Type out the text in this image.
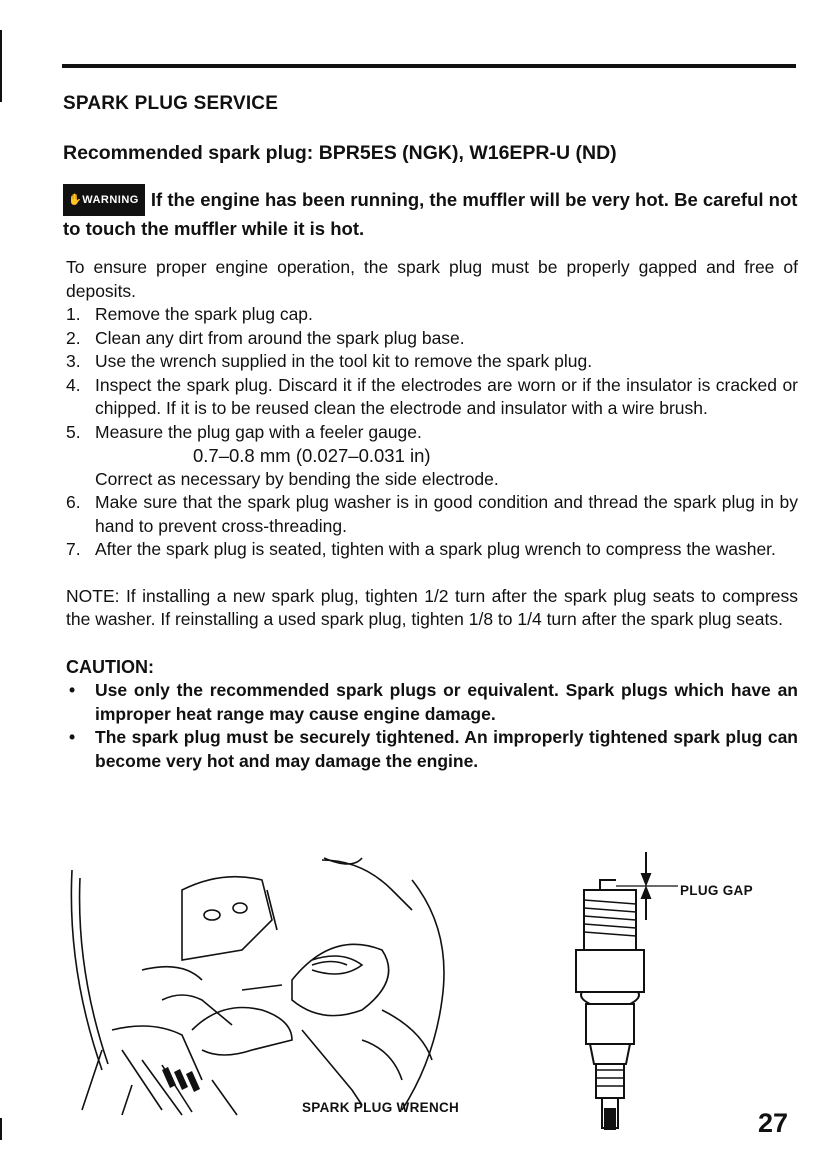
SPARK PLUG SERVICE
Recommended spark plug: BPR5ES (NGK), W16EPR-U (ND)
✋WARNING If the engine has been running, the muffler will be very hot. Be careful not to touch the muffler while it is hot.

To ensure proper engine operation, the spark plug must be properly gapped and free of deposits.

1. Remove the spark plug cap.
2. Clean any dirt from around the spark plug base.
3. Use the wrench supplied in the tool kit to remove the spark plug.
4. Inspect the spark plug. Discard it if the electrodes are worn or if the insulator is cracked or chipped. If it is to be reused clean the electrode and insulator with a wire brush.
5. Measure the plug gap with a feeler gauge.
0.7–0.8 mm (0.027–0.031 in)
Correct as necessary by bending the side electrode.
6. Make sure that the spark plug washer is in good condition and thread the spark plug in by hand to prevent cross-threading.
7. After the spark plug is seated, tighten with a spark plug wrench to compress the washer.

NOTE: If installing a new spark plug, tighten 1/2 turn after the spark plug seats to compress the washer. If reinstalling a used spark plug, tighten 1/8 to 1/4 turn after the spark plug seats.

CAUTION:

• Use only the recommended spark plugs or equivalent. Spark plugs which have an improper heat range may cause engine damage.
• The spark plug must be securely tightened. An improperly tightened spark plug can become very hot and may damage the engine.
SPARK PLUG WRENCH
PLUG GAP
27
